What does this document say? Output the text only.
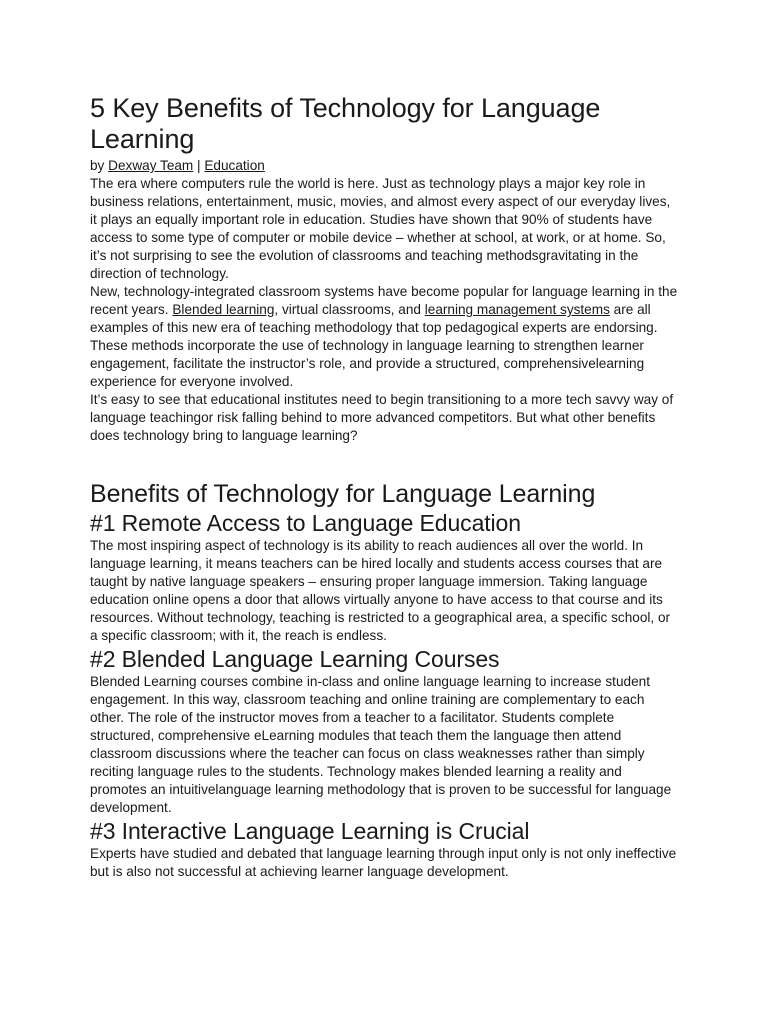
5 Key Benefits of Technology for Language Learning
by Dexway Team | Education

The era where computers rule the world is here. Just as technology plays a major key role in business relations, entertainment, music, movies, and almost every aspect of our everyday lives, it plays an equally important role in education. Studies have shown that 90% of students have access to some type of computer or mobile device – whether at school, at work, or at home. So, it’s not surprising to see the evolution of classrooms and teaching methodsgravitating in the direction of technology.

New, technology-integrated classroom systems have become popular for language learning in the recent years. Blended learning, virtual classrooms, and learning management systems are all examples of this new era of teaching methodology that top pedagogical experts are endorsing. These methods incorporate the use of technology in language learning to strengthen learner engagement, facilitate the instructor’s role, and provide a structured, comprehensivelearning experience for everyone involved.

It’s easy to see that educational institutes need to begin transitioning to a more tech savvy way of language teachingor risk falling behind to more advanced competitors. But what other benefits does technology bring to language learning?

Benefits of Technology for Language Learning
#1 Remote Access to Language Education

The most inspiring aspect of technology is its ability to reach audiences all over the world. In language learning, it means teachers can be hired locally and students access courses that are taught by native language speakers – ensuring proper language immersion. Taking language education online opens a door that allows virtually anyone to have access to that course and its resources. Without technology, teaching is restricted to a geographical area, a specific school, or a specific classroom; with it, the reach is endless.

#2 Blended Language Learning Courses

Blended Learning courses combine in-class and online language learning to increase student engagement. In this way, classroom teaching and online training are complementary to each other. The role of the instructor moves from a teacher to a facilitator. Students complete structured, comprehensive eLearning modules that teach them the language then attend classroom discussions where the teacher can focus on class weaknesses rather than simply reciting language rules to the students. Technology makes blended learning a reality and promotes an intuitivelanguage learning methodology that is proven to be successful for language development.

#3 Interactive Language Learning is Crucial

Experts have studied and debated that language learning through input only is not only ineffective but is also not successful at achieving learner language development.
